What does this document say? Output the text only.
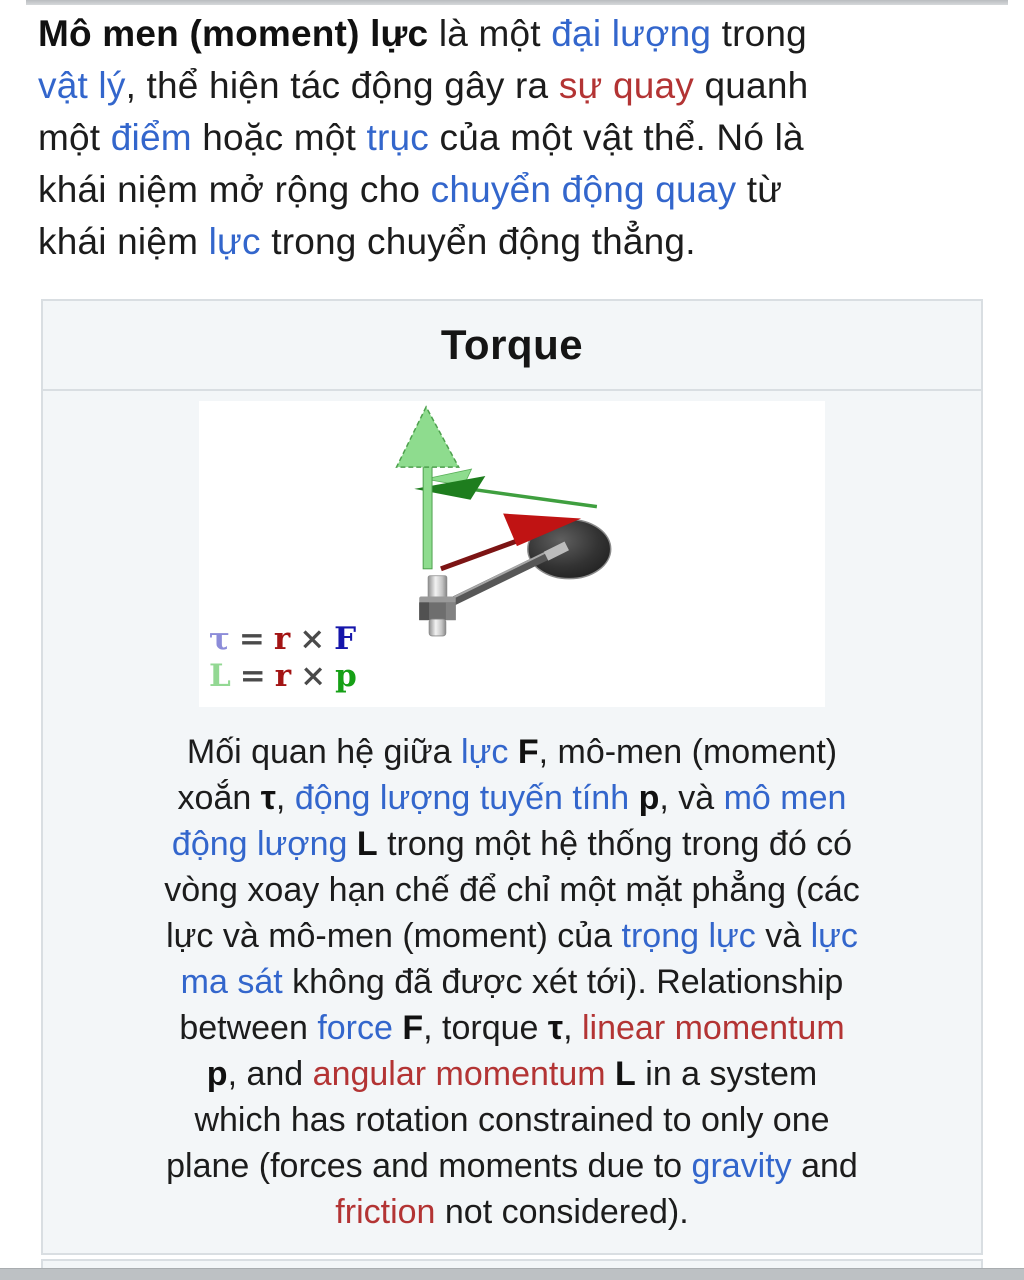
Mô men (moment) lực là một đại lượng trong
vật lý, thể hiện tác động gây ra sự quay quanh
một điểm hoặc một trục của một vật thể. Nó là
khái niệm mở rộng cho chuyển động quay từ
khái niệm lực trong chuyển động thẳng.
Torque
τ = r × F
L = r × p
Mối quan hệ giữa lực F, mô-men (moment)
xoắn τ, động lượng tuyến tính p, và mô men
động lượng L trong một hệ thống trong đó có
vòng xoay hạn chế để chỉ một mặt phẳng (các
lực và mô-men (moment) của trọng lực và lực
ma sát không đã được xét tới). Relationship
between force F, torque τ, linear momentum
p, and angular momentum L in a system
which has rotation constrained to only one
plane (forces and moments due to gravity and
friction not considered).
